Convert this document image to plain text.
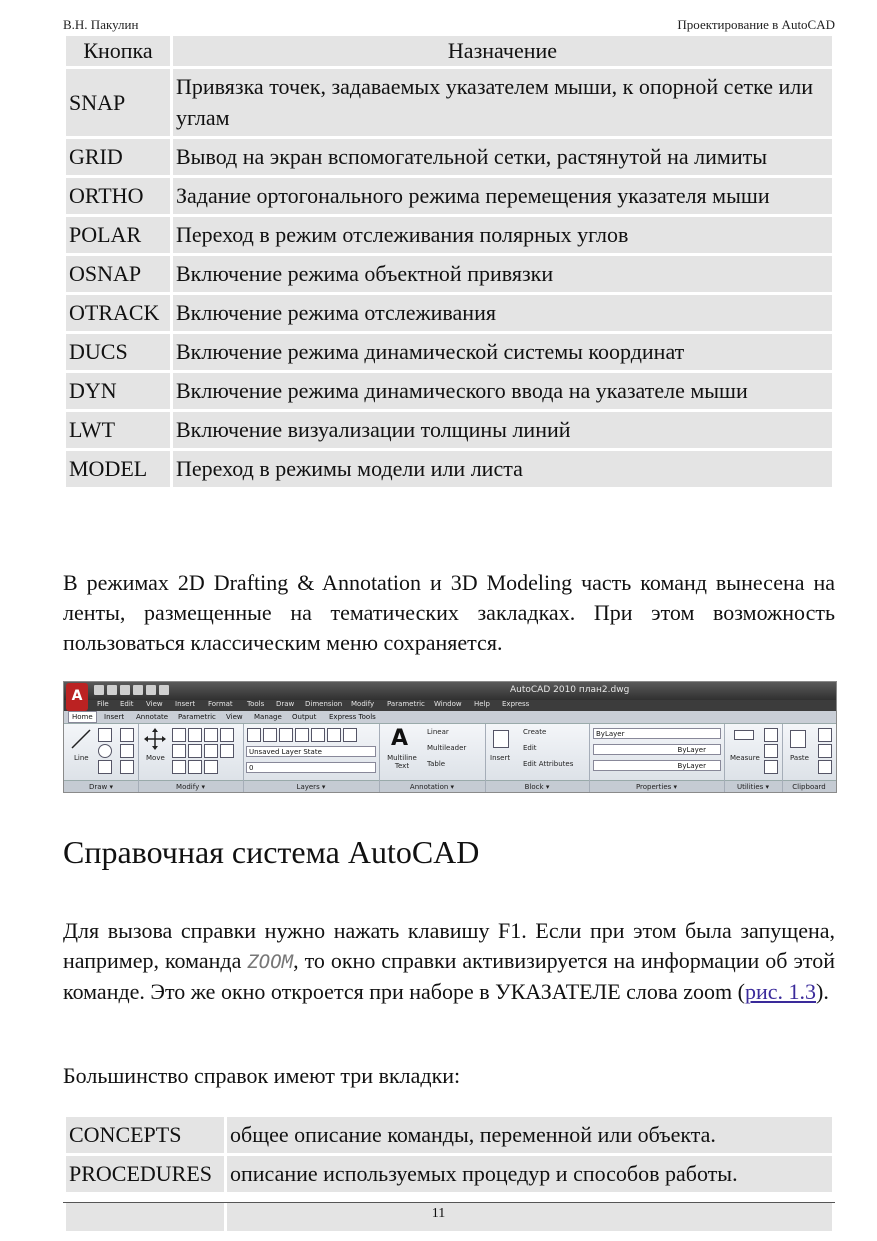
В.Н. Пакулин	Проектирование в AutoCAD
Кнопка	Назначение
SNAP	Привязка точек, задаваемых указателем мыши, к опорной сетке или углам
GRID	Вывод на экран вспомогательной сетки, растянутой на лимиты
ORTHO	Задание ортогонального режима перемещения указателя мыши
POLAR	Переход в режим отслеживания полярных углов
OSNAP	Включение режима объектной привязки
OTRACK	Включение режима отслеживания
DUCS	Включение режима динамической системы координат
DYN	Включение режима динамического ввода на указателе мыши
LWT	Включение визуализации толщины линий
MODEL	Переход в режимы модели или листа

В режимах 2D Drafting & Annotation и 3D Modeling часть команд вынесена на ленты, размещенные на тематических закладках. При этом возможность пользоваться классическим меню сохраняется.

AutoCAD 2010 план2.dwg
File Edit View Insert Format Tools Draw Dimension Modify Parametric Window Help Express
A
Home	Insert Annotate Parametric View Manage Output Express Tools
Line
Draw ▾
Move
Modify ▾
Unsaved Layer State
0
Layers ▾
A
Multiline Text
Linear
Multileader
Table
Annotation ▾
Insert
Create
Edit
Edit Attributes
Block ▾
ByLayer
ByLayer
ByLayer
Properties ▾
Measure
Utilities ▾
Paste
Clipboard
Справочная система AutoCAD

Для вызова справки нужно нажать клавишу F1. Если при этом была запущена, например, команда ZOOM, то окно справки активизируется на информации об этой команде. Это же окно откроется при наборе в УКАЗАТЕЛЕ слова zoom (рис. 1.3).

Большинство справок имеют три вкладки:

CONCEPTS	общее описание команды, переменной или объекта.
PROCEDURES	описание используемых процедур и способов работы.

11
